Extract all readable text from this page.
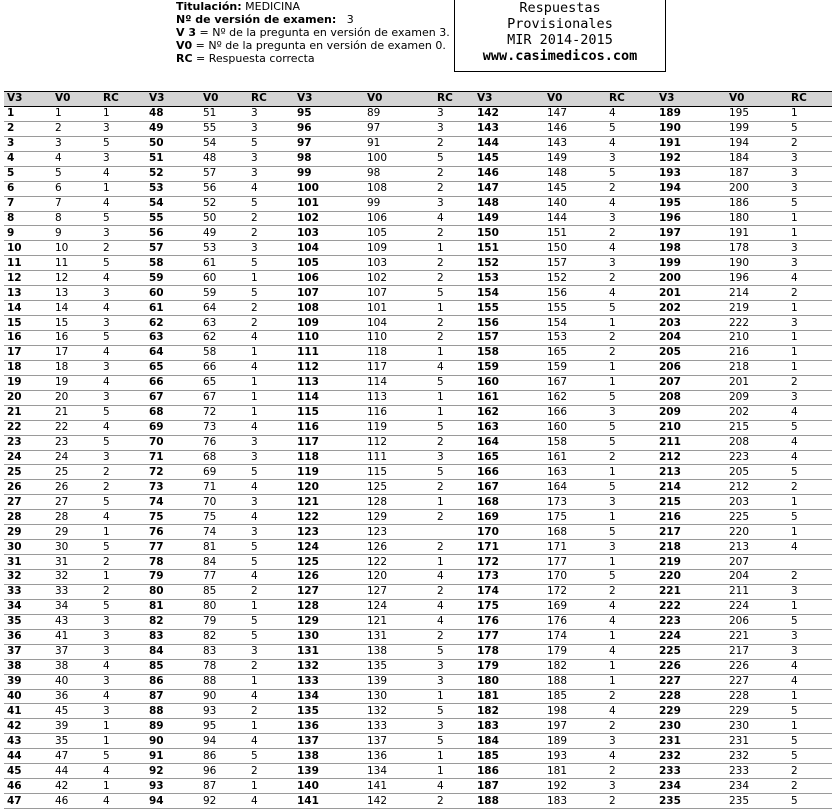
Titulación: MEDICINA
Nº de versión de examen: 3
V 3 = Nº de la pregunta en versión de examen 3.
V0 = Nº de la pregunta en versión de examen 0.
RC = Respuesta correcta
Respuestas
Provisionales
MIR 2014-2015
www.casimedicos.com
V3	V0	RC	V3	V0	RC	V3	V0	RC	V3	V0	RC	V3	V0	RC
1	1	1	48	51	3	95	89	3	142	147	4	189	195	1
2	2	3	49	55	3	96	97	3	143	146	5	190	199	5
3	3	5	50	54	5	97	91	2	144	143	4	191	194	2
4	4	3	51	48	3	98	100	5	145	149	3	192	184	3
5	5	4	52	57	3	99	98	2	146	148	5	193	187	3
6	6	1	53	56	4	100	108	2	147	145	2	194	200	3
7	7	4	54	52	5	101	99	3	148	140	4	195	186	5
8	8	5	55	50	2	102	106	4	149	144	3	196	180	1
9	9	3	56	49	2	103	105	2	150	151	2	197	191	1
10	10	2	57	53	3	104	109	1	151	150	4	198	178	3
11	11	5	58	61	5	105	103	2	152	157	3	199	190	3
12	12	4	59	60	1	106	102	2	153	152	2	200	196	4
13	13	3	60	59	5	107	107	5	154	156	4	201	214	2
14	14	4	61	64	2	108	101	1	155	155	5	202	219	1
15	15	3	62	63	2	109	104	2	156	154	1	203	222	3
16	16	5	63	62	4	110	110	2	157	153	2	204	210	1
17	17	4	64	58	1	111	118	1	158	165	2	205	216	1
18	18	3	65	66	4	112	117	4	159	159	1	206	218	1
19	19	4	66	65	1	113	114	5	160	167	1	207	201	2
20	20	3	67	67	1	114	113	1	161	162	5	208	209	3
21	21	5	68	72	1	115	116	1	162	166	3	209	202	4
22	22	4	69	73	4	116	119	5	163	160	5	210	215	5
23	23	5	70	76	3	117	112	2	164	158	5	211	208	4
24	24	3	71	68	3	118	111	3	165	161	2	212	223	4
25	25	2	72	69	5	119	115	5	166	163	1	213	205	5
26	26	2	73	71	4	120	125	2	167	164	5	214	212	2
27	27	5	74	70	3	121	128	1	168	173	3	215	203	1
28	28	4	75	75	4	122	129	2	169	175	1	216	225	5
29	29	1	76	74	3	123	123		170	168	5	217	220	1
30	30	5	77	81	5	124	126	2	171	171	3	218	213	4
31	31	2	78	84	5	125	122	1	172	177	1	219	207	
32	32	1	79	77	4	126	120	4	173	170	5	220	204	2
33	33	2	80	85	2	127	127	2	174	172	2	221	211	3
34	34	5	81	80	1	128	124	4	175	169	4	222	224	1
35	43	3	82	79	5	129	121	4	176	176	4	223	206	5
36	41	3	83	82	5	130	131	2	177	174	1	224	221	3
37	37	3	84	83	3	131	138	5	178	179	4	225	217	3
38	38	4	85	78	2	132	135	3	179	182	1	226	226	4
39	40	3	86	88	1	133	139	3	180	188	1	227	227	4
40	36	4	87	90	4	134	130	1	181	185	2	228	228	1
41	45	3	88	93	2	135	132	5	182	198	4	229	229	5
42	39	1	89	95	1	136	133	3	183	197	2	230	230	1
43	35	1	90	94	4	137	137	5	184	189	3	231	231	5
44	47	5	91	86	5	138	136	1	185	193	4	232	232	5
45	44	4	92	96	2	139	134	1	186	181	2	233	233	2
46	42	1	93	87	1	140	141	4	187	192	3	234	234	2
47	46	4	94	92	4	141	142	2	188	183	2	235	235	5
